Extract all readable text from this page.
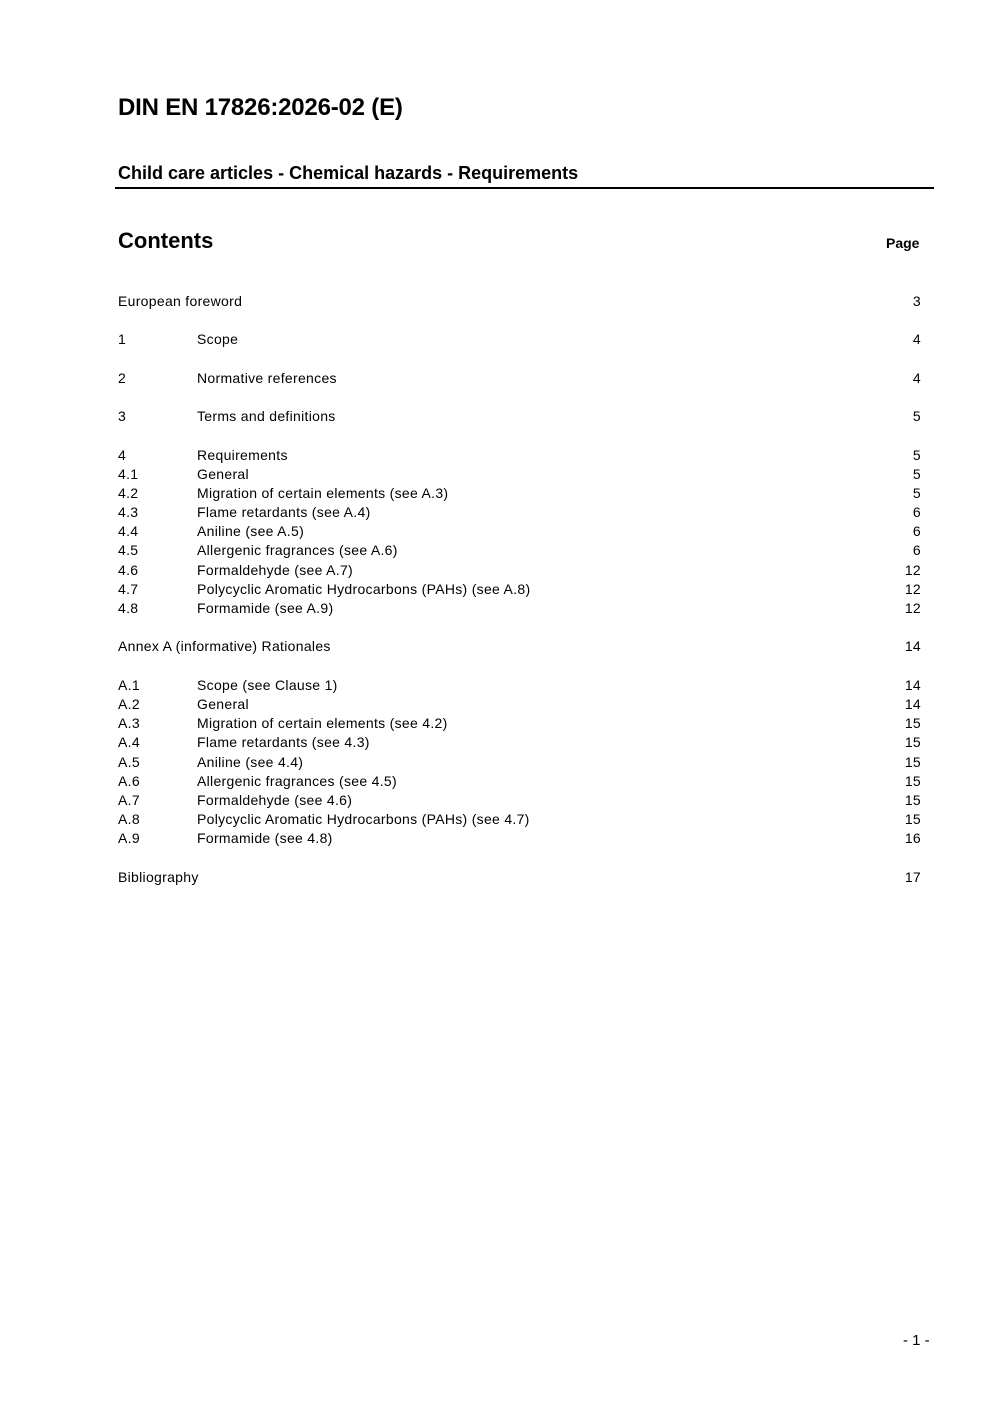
DIN EN 17826:2026-02 (E)
Child care articles - Chemical hazards - Requirements
Contents	Page
European foreword	3
1	Scope	4
2	Normative references	4
3	Terms and definitions	5
4	Requirements	5
4.1	General	5
4.2	Migration of certain elements (see A.3)	5
4.3	Flame retardants (see A.4)	6
4.4	Aniline (see A.5)	6
4.5	Allergenic fragrances (see A.6)	6
4.6	Formaldehyde (see A.7)	12
4.7	Polycyclic Aromatic Hydrocarbons (PAHs) (see A.8)	12
4.8	Formamide (see A.9)	12
Annex A (informative) Rationales	14
A.1	Scope (see Clause 1)	14
A.2	General	14
A.3	Migration of certain elements (see 4.2)	15
A.4	Flame retardants (see 4.3)	15
A.5	Aniline (see 4.4)	15
A.6	Allergenic fragrances (see 4.5)	15
A.7	Formaldehyde (see 4.6)	15
A.8	Polycyclic Aromatic Hydrocarbons (PAHs) (see 4.7)	15
A.9	Formamide (see 4.8)	16
Bibliography	17
- 1 -
